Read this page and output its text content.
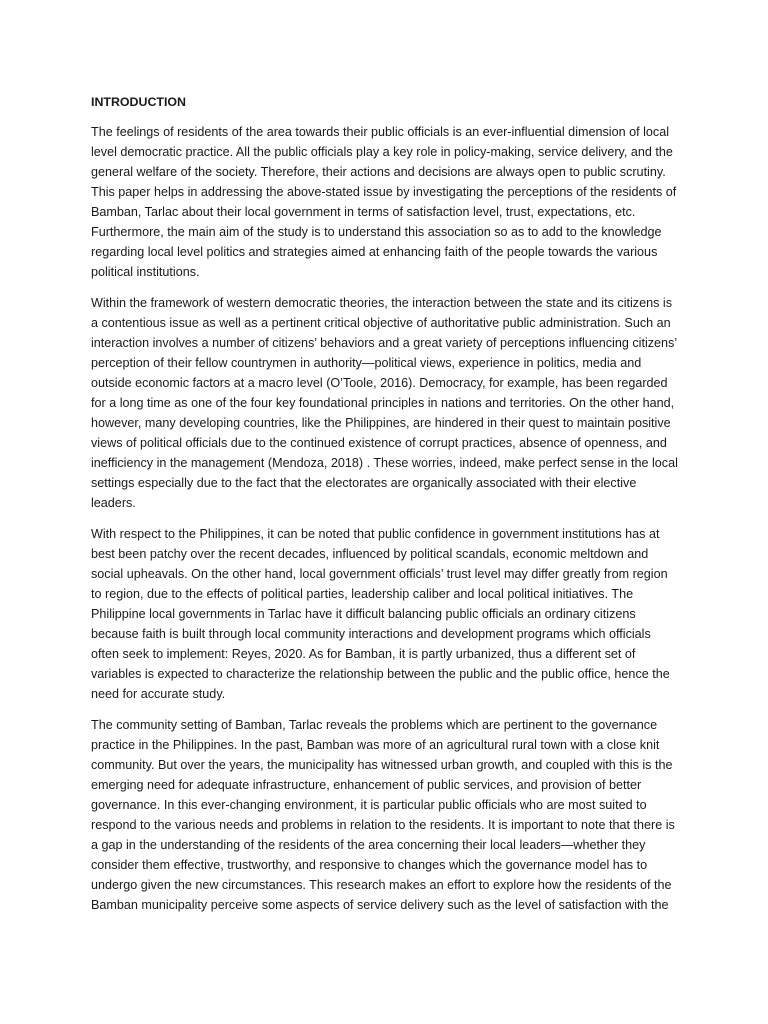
INTRODUCTION

The feelings of residents of the area towards their public officials is an ever-influential dimension of local level democratic practice. All the public officials play a key role in policy-making, service delivery, and the general welfare of the society. Therefore, their actions and decisions are always open to public scrutiny. This paper helps in addressing the above-stated issue by investigating the perceptions of the residents of Bamban, Tarlac about their local government in terms of satisfaction level, trust, expectations, etc. Furthermore, the main aim of the study is to understand this association so as to add to the knowledge regarding local level politics and strategies aimed at enhancing faith of the people towards the various political institutions.

Within the framework of western democratic theories, the interaction between the state and its citizens is a contentious issue as well as a pertinent critical objective of authoritative public administration. Such an interaction involves a number of citizens’ behaviors and a great variety of perceptions influencing citizens’ perception of their fellow countrymen in authority—political views, experience in politics, media and outside economic factors at a macro level (O’Toole, 2016). Democracy, for example, has been regarded for a long time as one of the four key foundational principles in nations and territories. On the other hand, however, many developing countries, like the Philippines, are hindered in their quest to maintain positive views of political officials due to the continued existence of corrupt practices, absence of openness, and inefficiency in the management (Mendoza, 2018) . These worries, indeed, make perfect sense in the local settings especially due to the fact that the electorates are organically associated with their elective leaders.

With respect to the Philippines, it can be noted that public confidence in government institutions has at best been patchy over the recent decades, influenced by political scandals, economic meltdown and social upheavals. On the other hand, local government officials’ trust level may differ greatly from region to region, due to the effects of political parties, leadership caliber and local political initiatives. The Philippine local governments in Tarlac have it difficult balancing public officials an ordinary citizens because faith is built through local community interactions and development programs which officials often seek to implement: Reyes, 2020. As for Bamban, it is partly urbanized, thus a different set of variables is expected to characterize the relationship between the public and the public office, hence the need for accurate study.

The community setting of Bamban, Tarlac reveals the problems which are pertinent to the governance practice in the Philippines. In the past, Bamban was more of an agricultural rural town with a close knit community. But over the years, the municipality has witnessed urban growth, and coupled with this is the emerging need for adequate infrastructure, enhancement of public services, and provision of better governance. In this ever-changing environment, it is particular public officials who are most suited to respond to the various needs and problems in relation to the residents. It is important to note that there is a gap in the understanding of the residents of the area concerning their local leaders—whether they consider them effective, trustworthy, and responsive to changes which the governance model has to undergo given the new circumstances. This research makes an effort to explore how the residents of the Bamban municipality perceive some aspects of service delivery such as the level of satisfaction with the
